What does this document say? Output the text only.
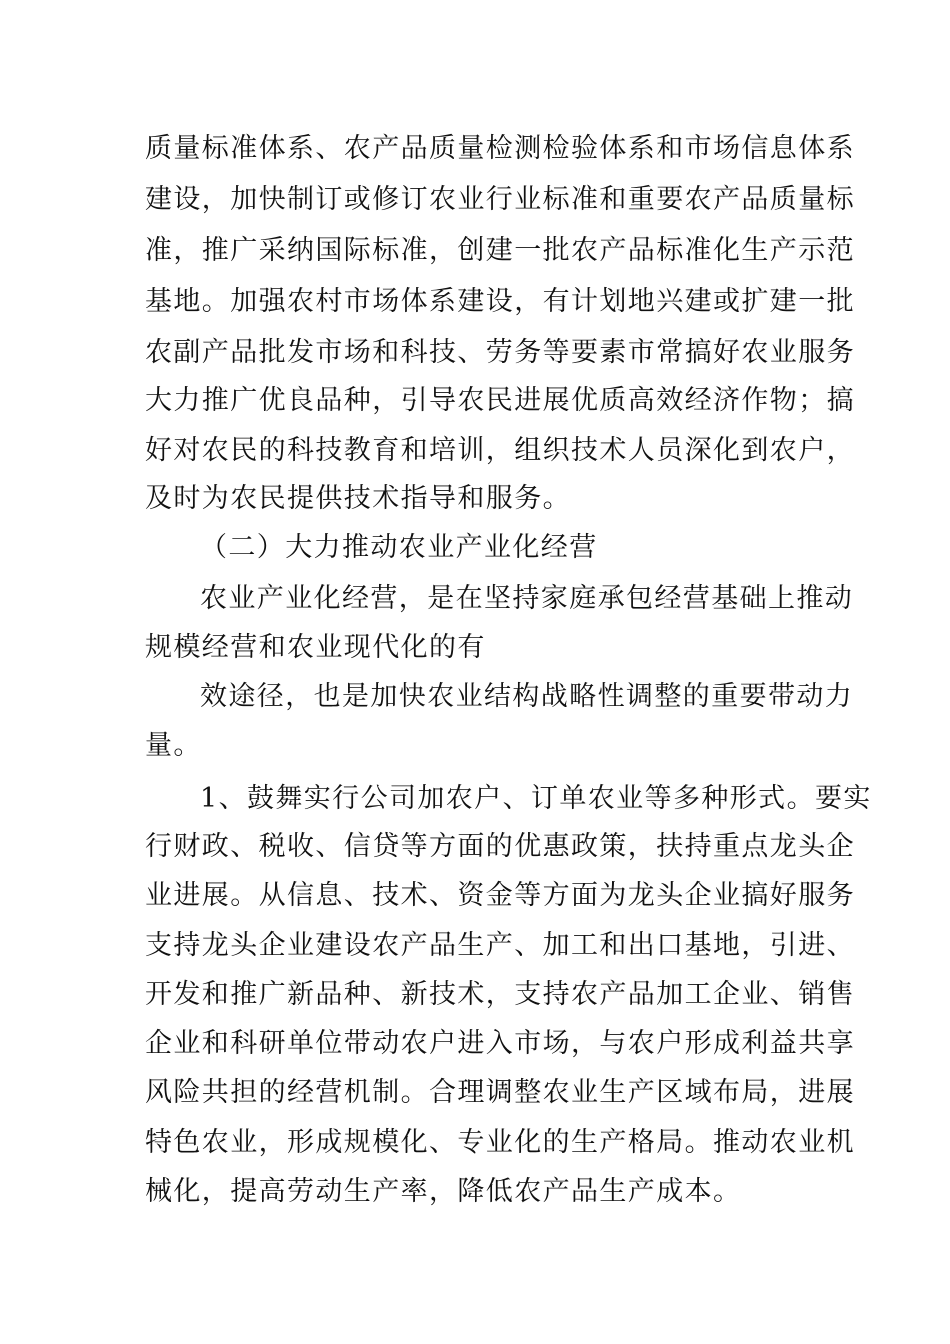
质量标准体系、农产品质量检测检验体系和市场信息体系
建设，加快制订或修订农业行业标准和重要农产品质量标
准，推广采纳国际标准，创建一批农产品标准化生产示范
基地。加强农村市场体系建设，有计划地兴建或扩建一批
农副产品批发市场和科技、劳务等要素市常搞好农业服务
大力推广优良品种，引导农民进展优质高效经济作物；搞
好对农民的科技教育和培训，组织技术人员深化到农户，
及时为农民提供技术指导和服务。
（二）大力推动农业产业化经营
农业产业化经营，是在坚持家庭承包经营基础上推动
规模经营和农业现代化的有
效途径，也是加快农业结构战略性调整的重要带动力
量。
1、鼓舞实行公司加农户、订单农业等多种形式。要实
行财政、税收、信贷等方面的优惠政策，扶持重点龙头企
业进展。从信息、技术、资金等方面为龙头企业搞好服务
支持龙头企业建设农产品生产、加工和出口基地，引进、
开发和推广新品种、新技术，支持农产品加工企业、销售
企业和科研单位带动农户进入市场，与农户形成利益共享
风险共担的经营机制。合理调整农业生产区域布局，进展
特色农业，形成规模化、专业化的生产格局。推动农业机
械化，提高劳动生产率，降低农产品生产成本。
